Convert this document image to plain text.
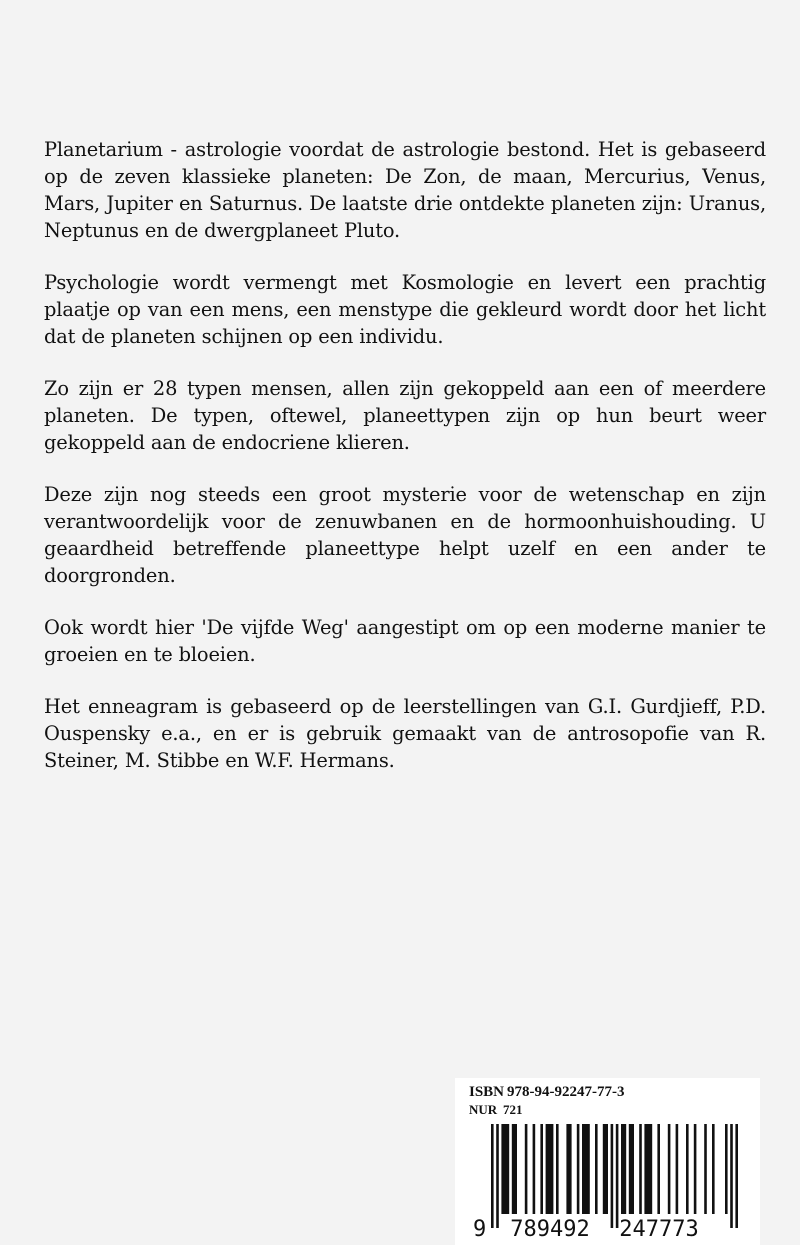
Planetarium - astrologie voordat de astrologie bestond. Het is gebaseerd op de zeven klassieke planeten: De Zon, de maan, Mercurius, Venus, Mars, Jupiter en Saturnus. De laatste drie ontdekte planeten zijn: Uranus, Neptunus en de dwergplaneet Pluto.

Psychologie wordt vermengt met Kosmologie en levert een prachtig plaatje op van een mens, een menstype die gekleurd wordt door het licht dat de planeten schijnen op een individu.

Zo zijn er 28 typen mensen, allen zijn gekoppeld aan een of meerdere planeten. De typen, oftewel, planeettypen zijn op hun beurt weer gekoppeld aan de endocriene klieren.

Deze zijn nog steeds een groot mysterie voor de wetenschap en zijn verantwoordelijk voor de zenuwbanen en de hormoonhuishouding. U geaardheid betreffende planeettype helpt uzelf en een ander te doorgronden.

Ook wordt hier 'De vijfde Weg' aangestipt om op een moderne manier te groeien en te bloeien.

Het enneagram is gebaseerd op de leerstellingen van G.I. Gurdjieff, P.D. Ouspensky e.a., en er is gebruik gemaakt van de antrosopofie van R. Steiner, M. Stibbe en W.F. Hermans.

ISBN 978-94-92247-77-3
NUR 721
9 789492 247773
